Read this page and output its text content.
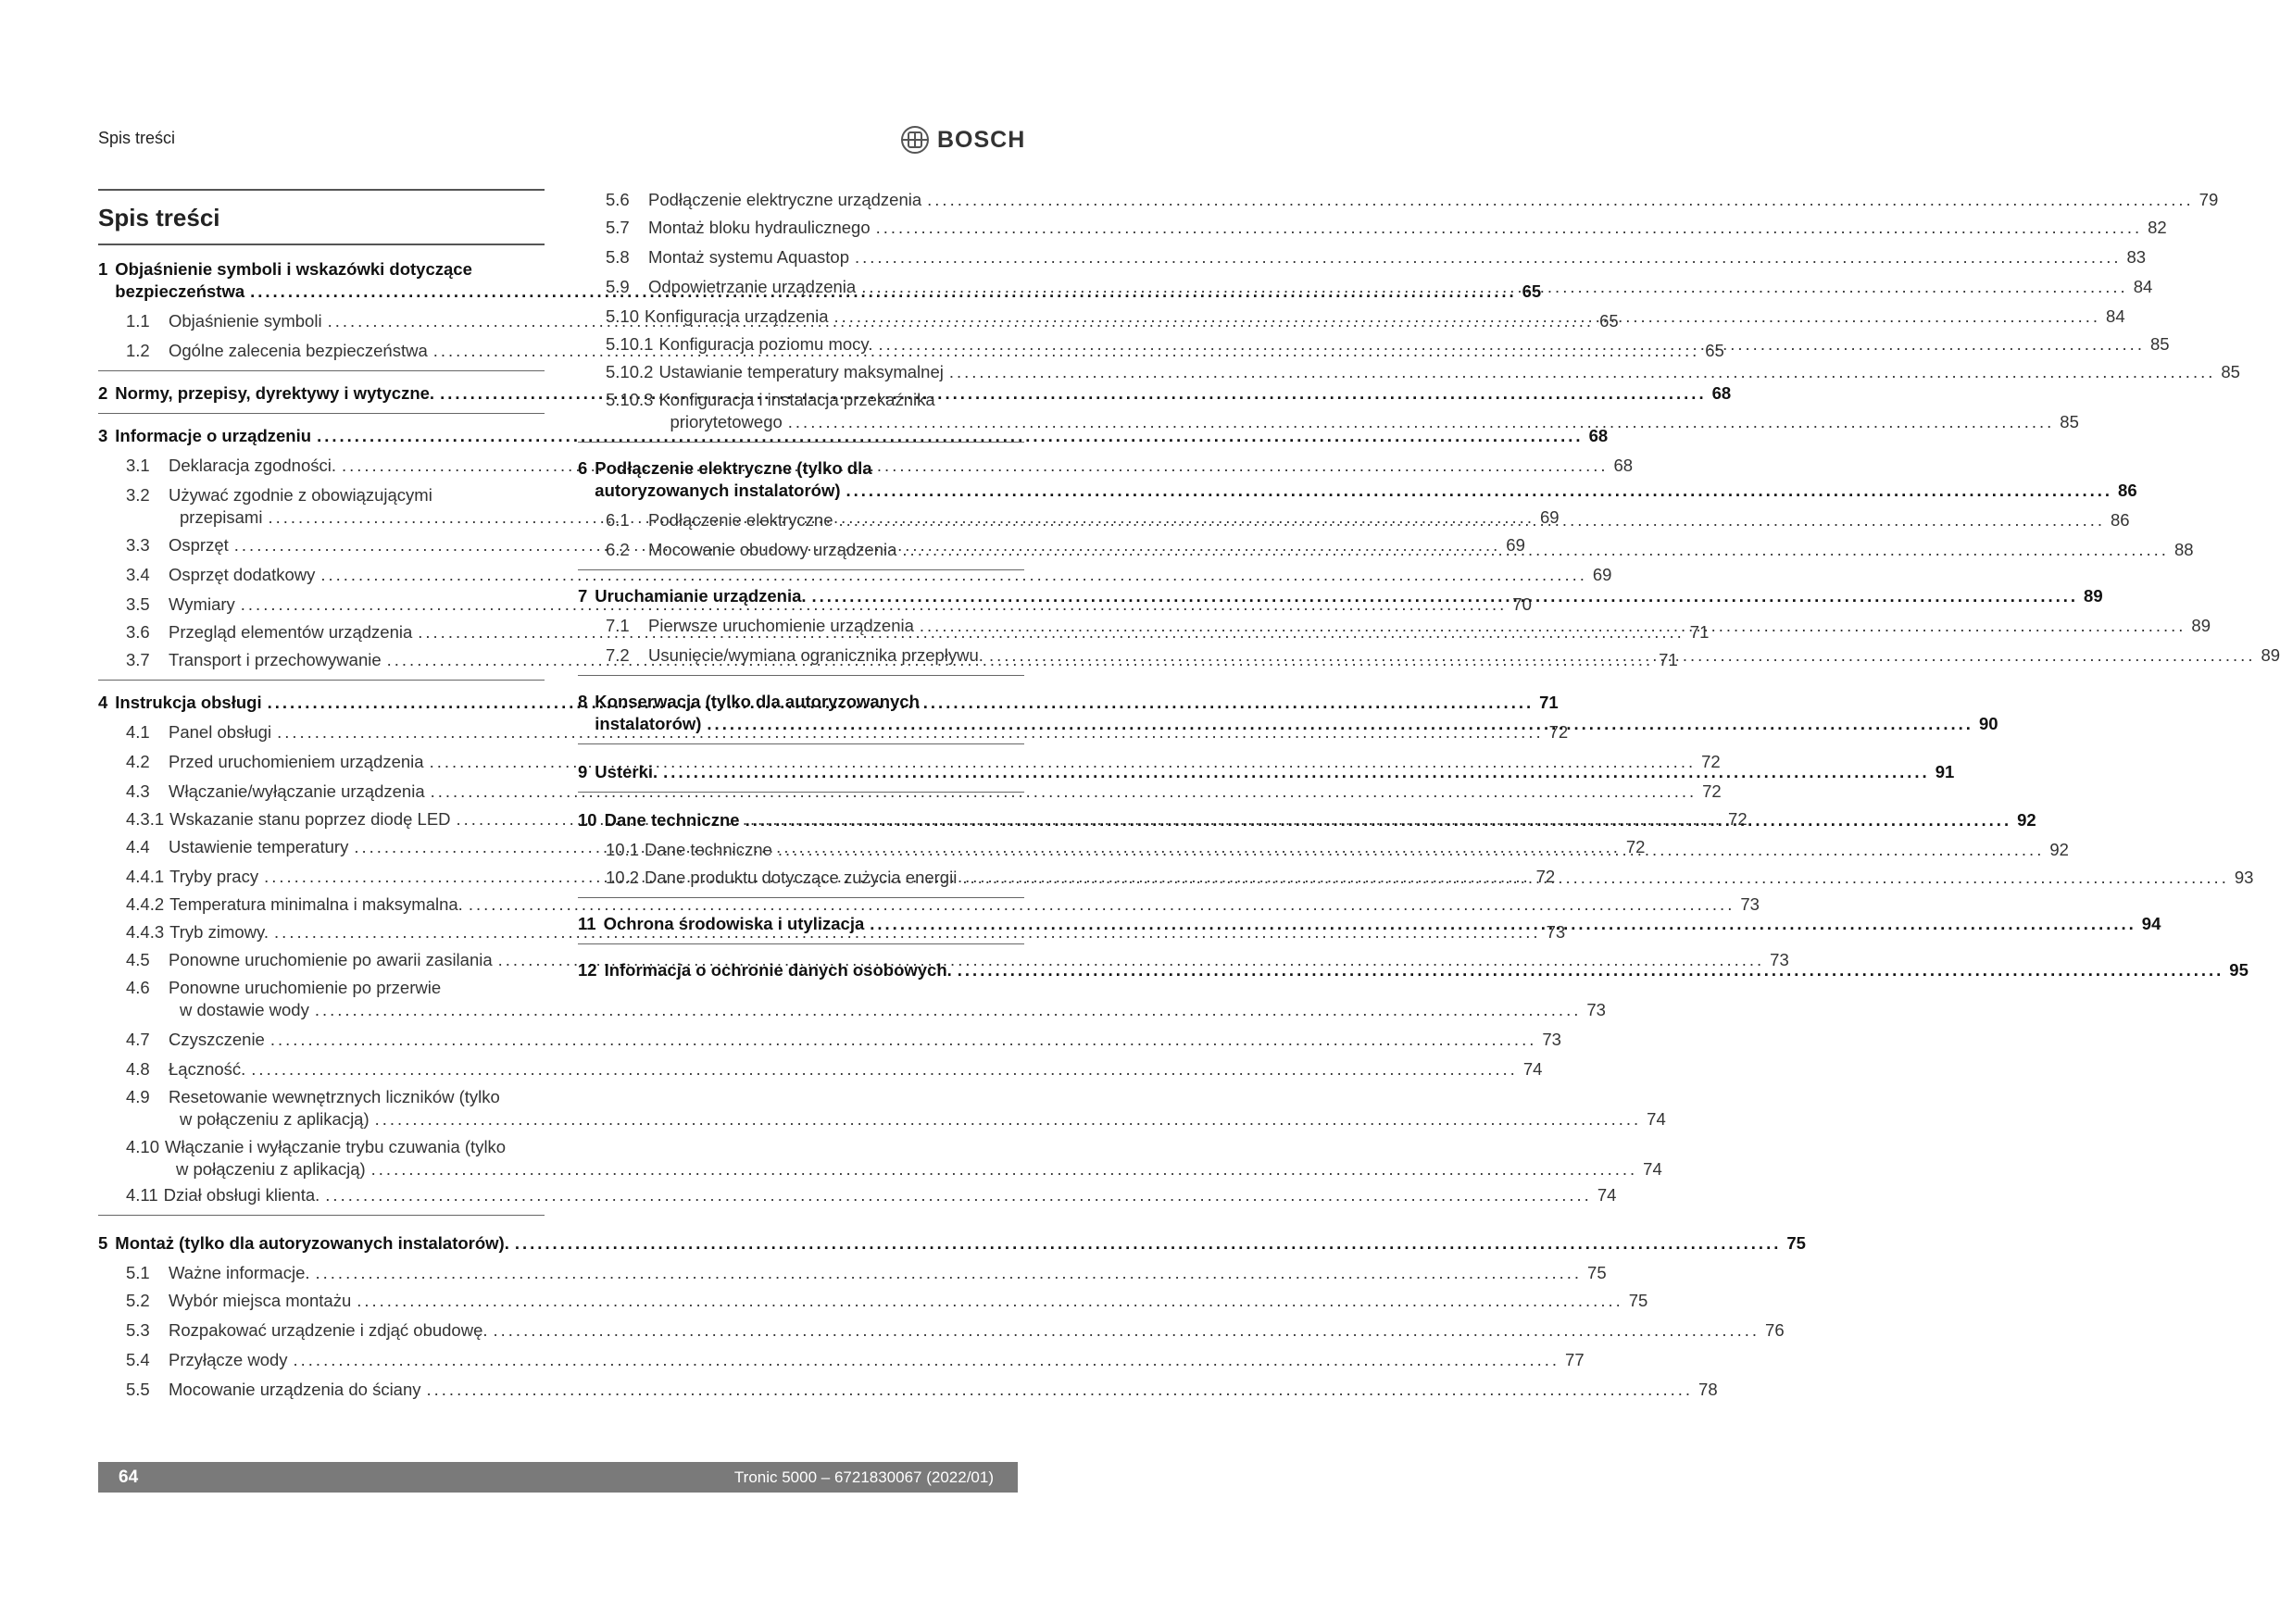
Spis treści	BOSCH
Spis treści
1 Objaśnienie symboli i wskazówki dotyczące
bezpieczeństwa .....	65
1.1	Objaśnienie symboli .....	65
1.2	Ogólne zalecenia bezpieczeństwa .....	65
2 Normy, przepisy, dyrektywy i wytyczne. .....	68
3 Informacje o urządzeniu .....	68
3.1	Deklaracja zgodności. .....	68
3.2	Używać zgodnie z obowiązującymi
przepisami .....	69
3.3	Osprzęt .....	69
3.4	Osprzęt dodatkowy .....	69
3.5	Wymiary .....	70
3.6	Przegląd elementów urządzenia .....	71
3.7	Transport i przechowywanie .....	71
4 Instrukcja obsługi .....	71
4.1	Panel obsługi .....	72
4.2	Przed uruchomieniem urządzenia .....	72
4.3	Włączanie/wyłączanie urządzenia .....	72
4.3.1 Wskazanie stanu poprzez diodę LED .....	72
4.4	Ustawienie temperatury .....	72
4.4.1 Tryby pracy .....	72
4.4.2 Temperatura minimalna i maksymalna. .....	73
4.4.3 Tryb zimowy. .....	73
4.5	Ponowne uruchomienie po awarii zasilania .....	73
4.6	Ponowne uruchomienie po przerwie
w dostawie wody .....	73
4.7	Czyszczenie .....	73
4.8	Łączność. .....	74
4.9	Resetowanie wewnętrznych liczników (tylko
w połączeniu z aplikacją) .....	74
4.10 Włączanie i wyłączanie trybu czuwania (tylko
w połączeniu z aplikacją) .....	74
4.11 Dział obsługi klienta. .....	74
5 Montaż (tylko dla autoryzowanych instalatorów). .....	75
5.1	Ważne informacje. .....	75
5.2	Wybór miejsca montażu .....	75
5.3	Rozpakować urządzenie i zdjąć obudowę. .....	76
5.4	Przyłącze wody .....	77
5.5	Mocowanie urządzenia do ściany .....	78
5.6	Podłączenie elektryczne urządzenia .....	79
5.7	Montaż bloku hydraulicznego .....	82
5.8	Montaż systemu Aquastop .....	83
5.9	Odpowietrzanie urządzenia .....	84
5.10 Konfiguracja urządzenia .....	84
5.10.1 Konfiguracja poziomu mocy. .....	85
5.10.2 Ustawianie temperatury maksymalnej .....	85
5.10.3 Konfiguracja i instalacja przekaźnika
priorytetowego .....	85
6 Podłączenie elektryczne (tylko dla
autoryzowanych instalatorów) .....	86
6.1	Podłączenie elektryczne .....	86
6.2	Mocowanie obudowy urządzenia .....	88
7 Uruchamianie urządzenia. .....	89
7.1	Pierwsze uruchomienie urządzenia .....	89
7.2	Usunięcie/wymiana ogranicznika przepływu. .....	89
8 Konserwacja (tylko dla autoryzowanych
instalatorów) .....	90
9 Usterki. .....	91
10 Dane techniczne .....	92
10.1 Dane techniczne .....	92
10.2 Dane produktu dotyczące zużycia energii .....	93
11 Ochrona środowiska i utylizacja .....	94
12 Informacja o ochronie danych osobowych. .....	95
64	Tronic 5000 – 6721830067 (2022/01)
